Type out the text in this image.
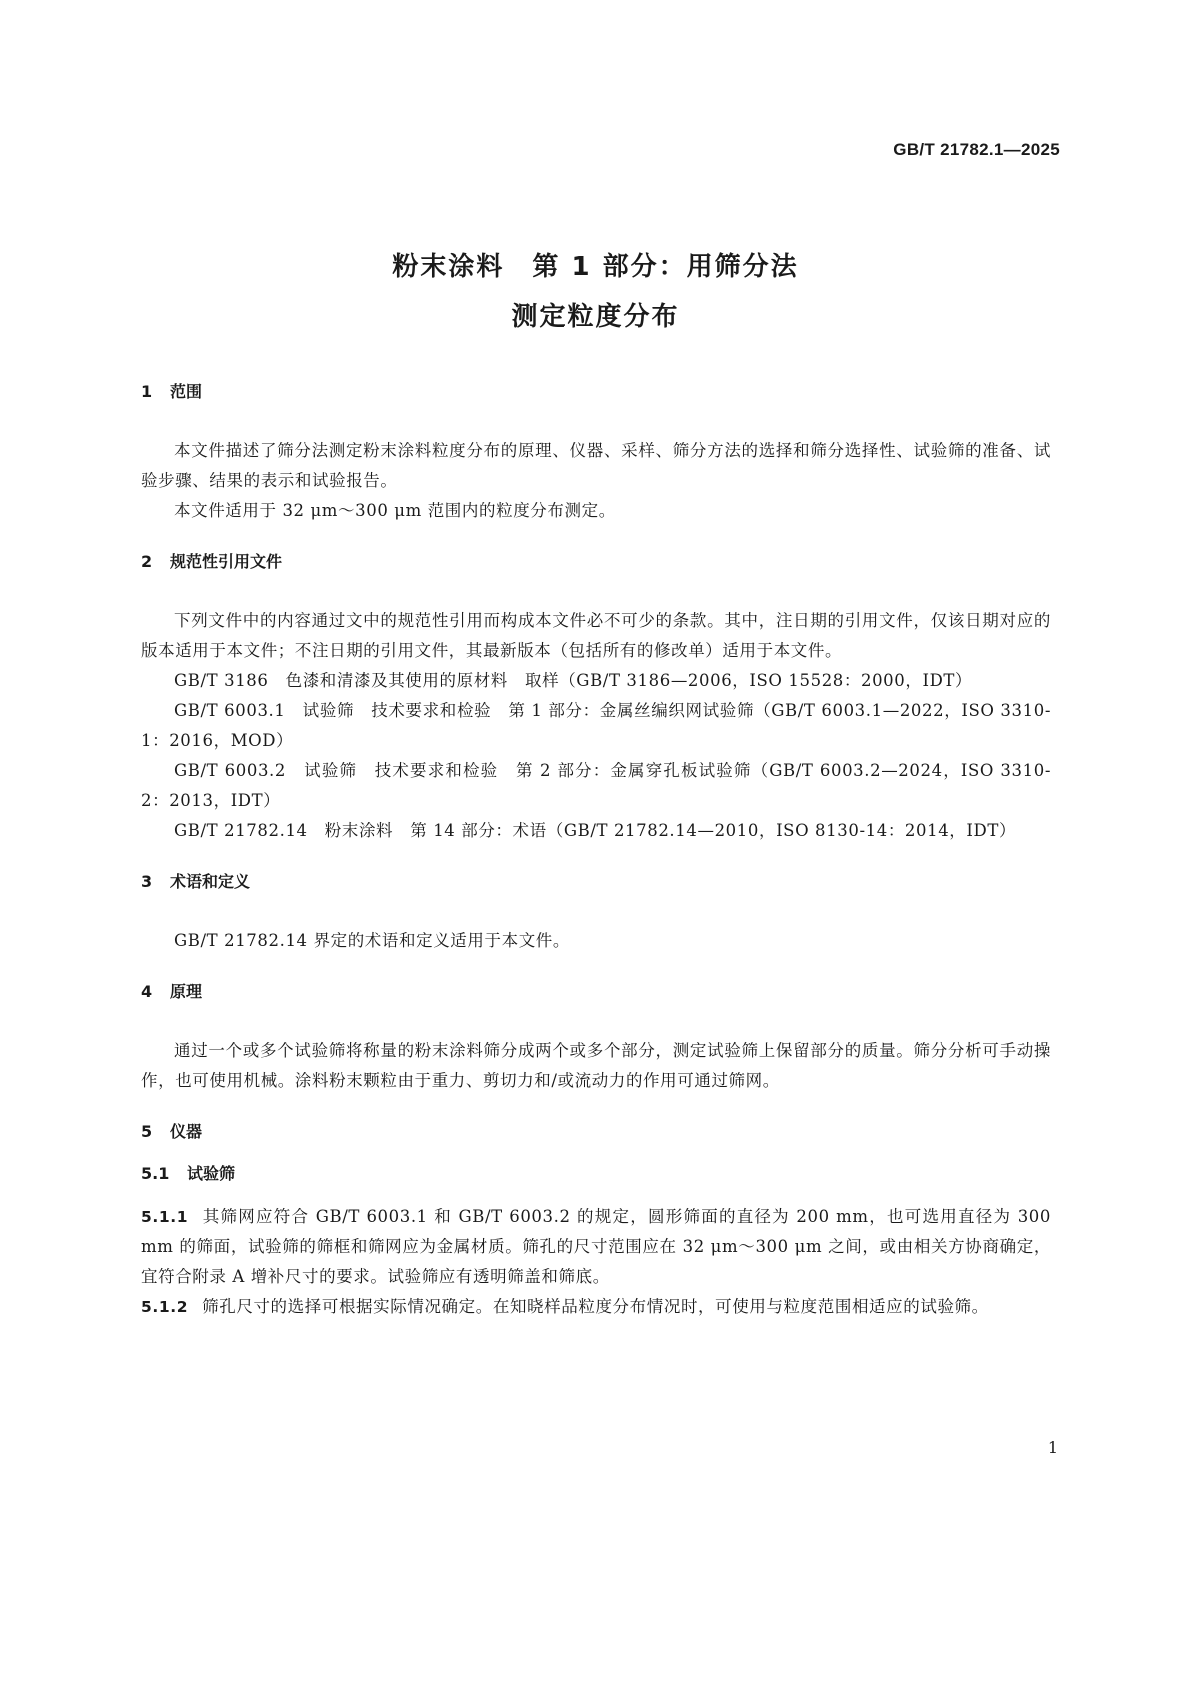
GB/T 21782.1—2025
粉末涂料　第 1 部分：用筛分法
测定粒度分布
1	范围

本文件描述了筛分法测定粉末涂料粒度分布的原理、仪器、采样、筛分方法的选择和筛分选择性、试验筛的准备、试验步骤、结果的表示和试验报告。

本文件适用于 32 μm～300 μm 范围内的粒度分布测定。

2	规范性引用文件

下列文件中的内容通过文中的规范性引用而构成本文件必不可少的条款。其中，注日期的引用文件，仅该日期对应的版本适用于本文件；不注日期的引用文件，其最新版本（包括所有的修改单）适用于本文件。

GB/T 3186　色漆和清漆及其使用的原材料　取样（GB/T 3186—2006，ISO 15528：2000，IDT）

GB/T 6003.1　试验筛　技术要求和检验　第 1 部分：金属丝编织网试验筛（GB/T 6003.1—2022，ISO 3310-1：2016，MOD）

GB/T 6003.2　试验筛　技术要求和检验　第 2 部分：金属穿孔板试验筛（GB/T 6003.2—2024，ISO 3310-2：2013，IDT）

GB/T 21782.14　粉末涂料　第 14 部分：术语（GB/T 21782.14—2010，ISO 8130-14：2014，IDT）

3	术语和定义

GB/T 21782.14 界定的术语和定义适用于本文件。

4	原理

通过一个或多个试验筛将称量的粉末涂料筛分成两个或多个部分，测定试验筛上保留部分的质量。筛分分析可手动操作，也可使用机械。涂料粉末颗粒由于重力、剪切力和/或流动力的作用可通过筛网。

5	仪器
5.1	试验筛

5.1.1 其筛网应符合 GB/T 6003.1 和 GB/T 6003.2 的规定，圆形筛面的直径为 200 mm，也可选用直径为 300 mm 的筛面，试验筛的筛框和筛网应为金属材质。筛孔的尺寸范围应在 32 μm～300 μm 之间，或由相关方协商确定，宜符合附录 A 增补尺寸的要求。试验筛应有透明筛盖和筛底。

5.1.2 筛孔尺寸的选择可根据实际情况确定。在知晓样品粒度分布情况时，可使用与粒度范围相适应的试验筛。

1
